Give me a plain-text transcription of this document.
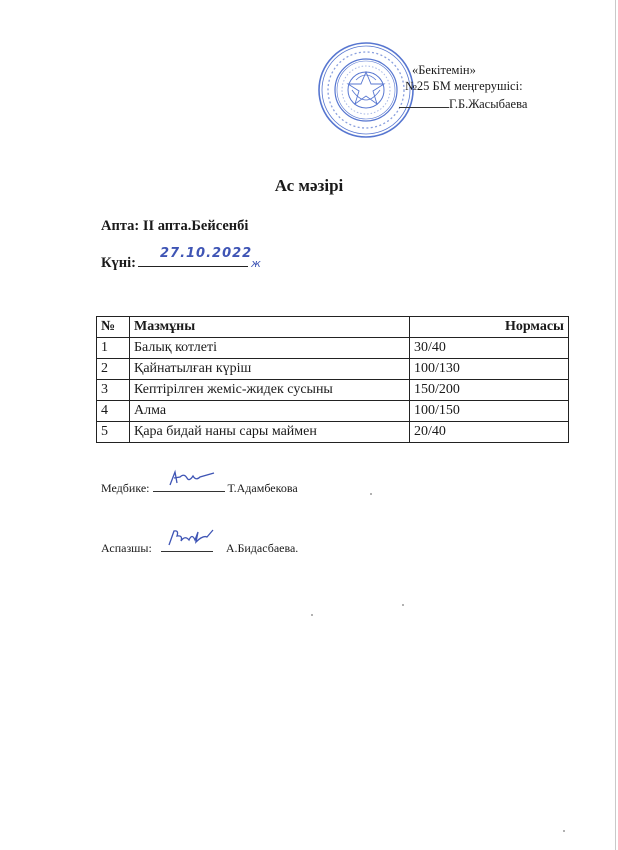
«Бекітемін»
№25 БМ меңгерушісі:
Г.Б.Жасыбаева
Ас мәзірі
Апта: II апта.Бейсенбі
Күні:
27.10.2022
ж
№	Мазмұны	Нормасы
1	Балық котлеті	30/40
2	Қайнатылған күріш	100/130
3	Кептірілген жеміс-жидек сусыны	150/200
4	Алма	100/150
5	Қара бидай наны сары маймен	20/40
Медбике:	Т.Адамбекова
Аспазшы:	А.Бидасбаева.
